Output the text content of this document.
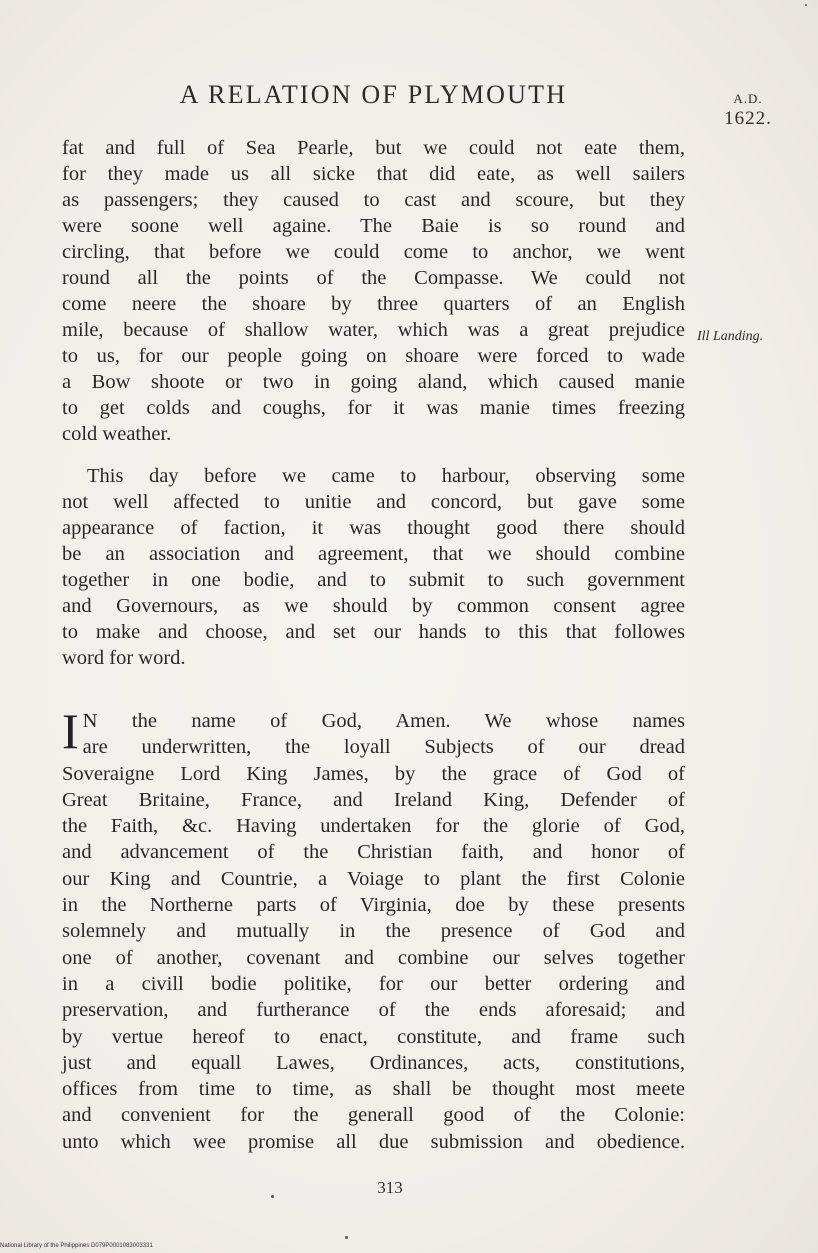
A RELATION OF PLYMOUTH	A.D.
1622.
Ill Landing.
fat and full of Sea Pearle, but we could not eate them,
for they made us all sicke that did eate, as well sailers
as passengers; they caused to cast and scoure, but they
were soone well againe. The Baie is so round and
circling, that before we could come to anchor, we went
round all the points of the Compasse. We could not
come neere the shoare by three quarters of an English
mile, because of shallow water, which was a great prejudice
to us, for our people going on shoare were forced to wade
a Bow shoote or two in going aland, which caused manie
to get colds and coughs, for it was manie times freezing
cold weather.
This day before we came to harbour, observing some
not well affected to unitie and concord, but gave some
appearance of faction, it was thought good there should
be an association and agreement, that we should combine
together in one bodie, and to submit to such government
and Governours, as we should by common consent agree
to make and choose, and set our hands to this that followes
word for word.
I N the name of God, Amen. We whose names
are underwritten, the loyall Subjects of our dread
Soveraigne Lord King James, by the grace of God of
Great Britaine, France, and Ireland King, Defender of
the Faith, &c. Having undertaken for the glorie of God,
and advancement of the Christian faith, and honor of
our King and Countrie, a Voiage to plant the first Colonie
in the Northerne parts of Virginia, doe by these presents
solemnely and mutually in the presence of God and
one of another, covenant and combine our selves together
in a civill bodie politike, for our better ordering and
preservation, and furtherance of the ends aforesaid; and
by vertue hereof to enact, constitute, and frame such
just and equall Lawes, Ordinances, acts, constitutions,
offices from time to time, as shall be thought most meete
and convenient for the generall good of the Colonie:
unto which wee promise all due submission and obedience.
313
National Library of the Philippines D079P0001083003331
